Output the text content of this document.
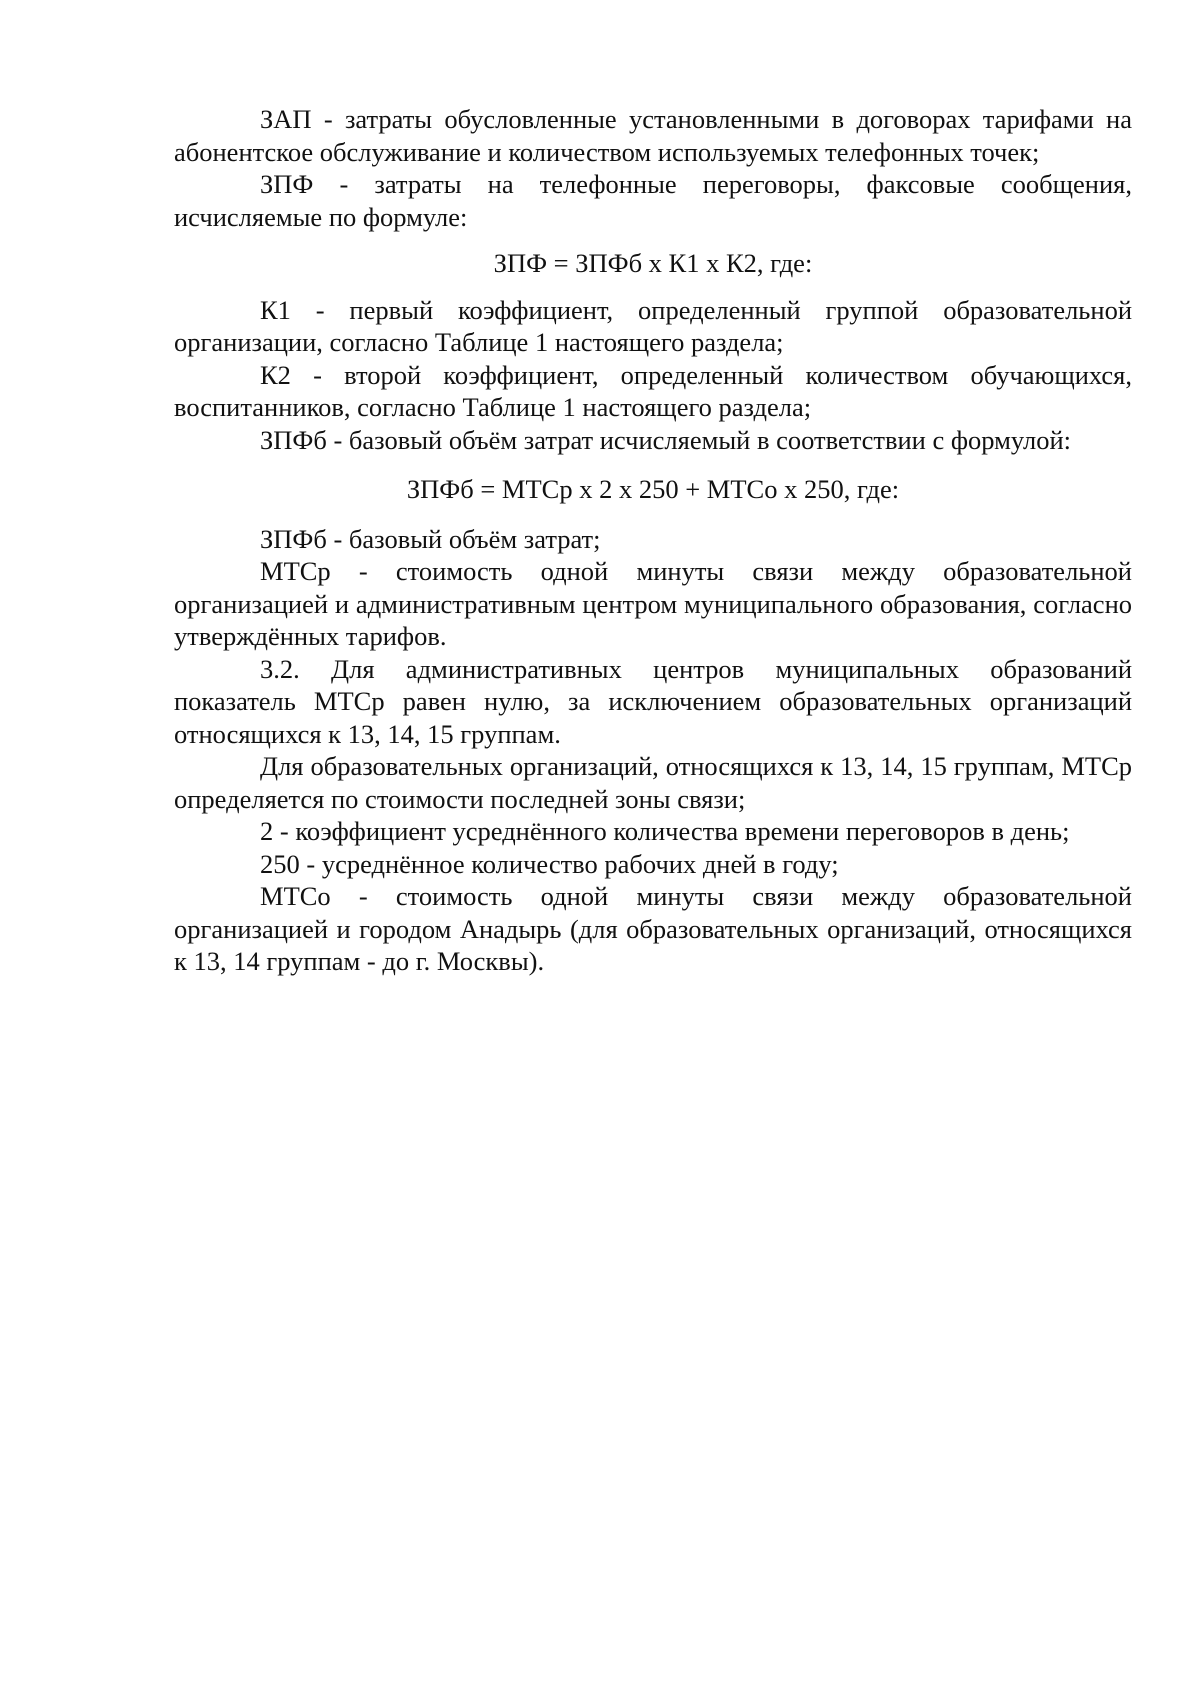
ЗАП - затраты обусловленные установленными в договорах тарифами на абонентское обслуживание и количеством используемых телефонных точек;

ЗПФ - затраты на телефонные переговоры, факсовые сообщения, исчисляемые по формуле:

ЗПФ = ЗПФб х К1 х К2, где:

К1 - первый коэффициент, определенный группой образовательной организации, согласно Таблице 1 настоящего раздела;

К2 - второй коэффициент, определенный количеством обучающихся, воспитанников, согласно Таблице 1 настоящего раздела;

ЗПФб - базовый объём затрат исчисляемый в соответствии с формулой:

ЗПФб = МТСр х 2 х 250 + МТСо х 250, где:

ЗПФб - базовый объём затрат;

МТСр - стоимость одной минуты связи между образовательной организацией и административным центром муниципального образования, согласно утверждённых тарифов.

3.2. Для административных центров муниципальных образований показатель МТСр равен нулю, за исключением образовательных организаций относящихся к 13, 14, 15 группам.

Для образовательных организаций, относящихся к 13, 14, 15 группам, МТСр определяется по стоимости последней зоны связи;

2 - коэффициент усреднённого количества времени переговоров в день;

250 - усреднённое количество рабочих дней в году;

МТСо - стоимость одной минуты связи между образовательной организацией и городом Анадырь (для образовательных организаций, относящихся к 13, 14 группам - до г. Москвы).
